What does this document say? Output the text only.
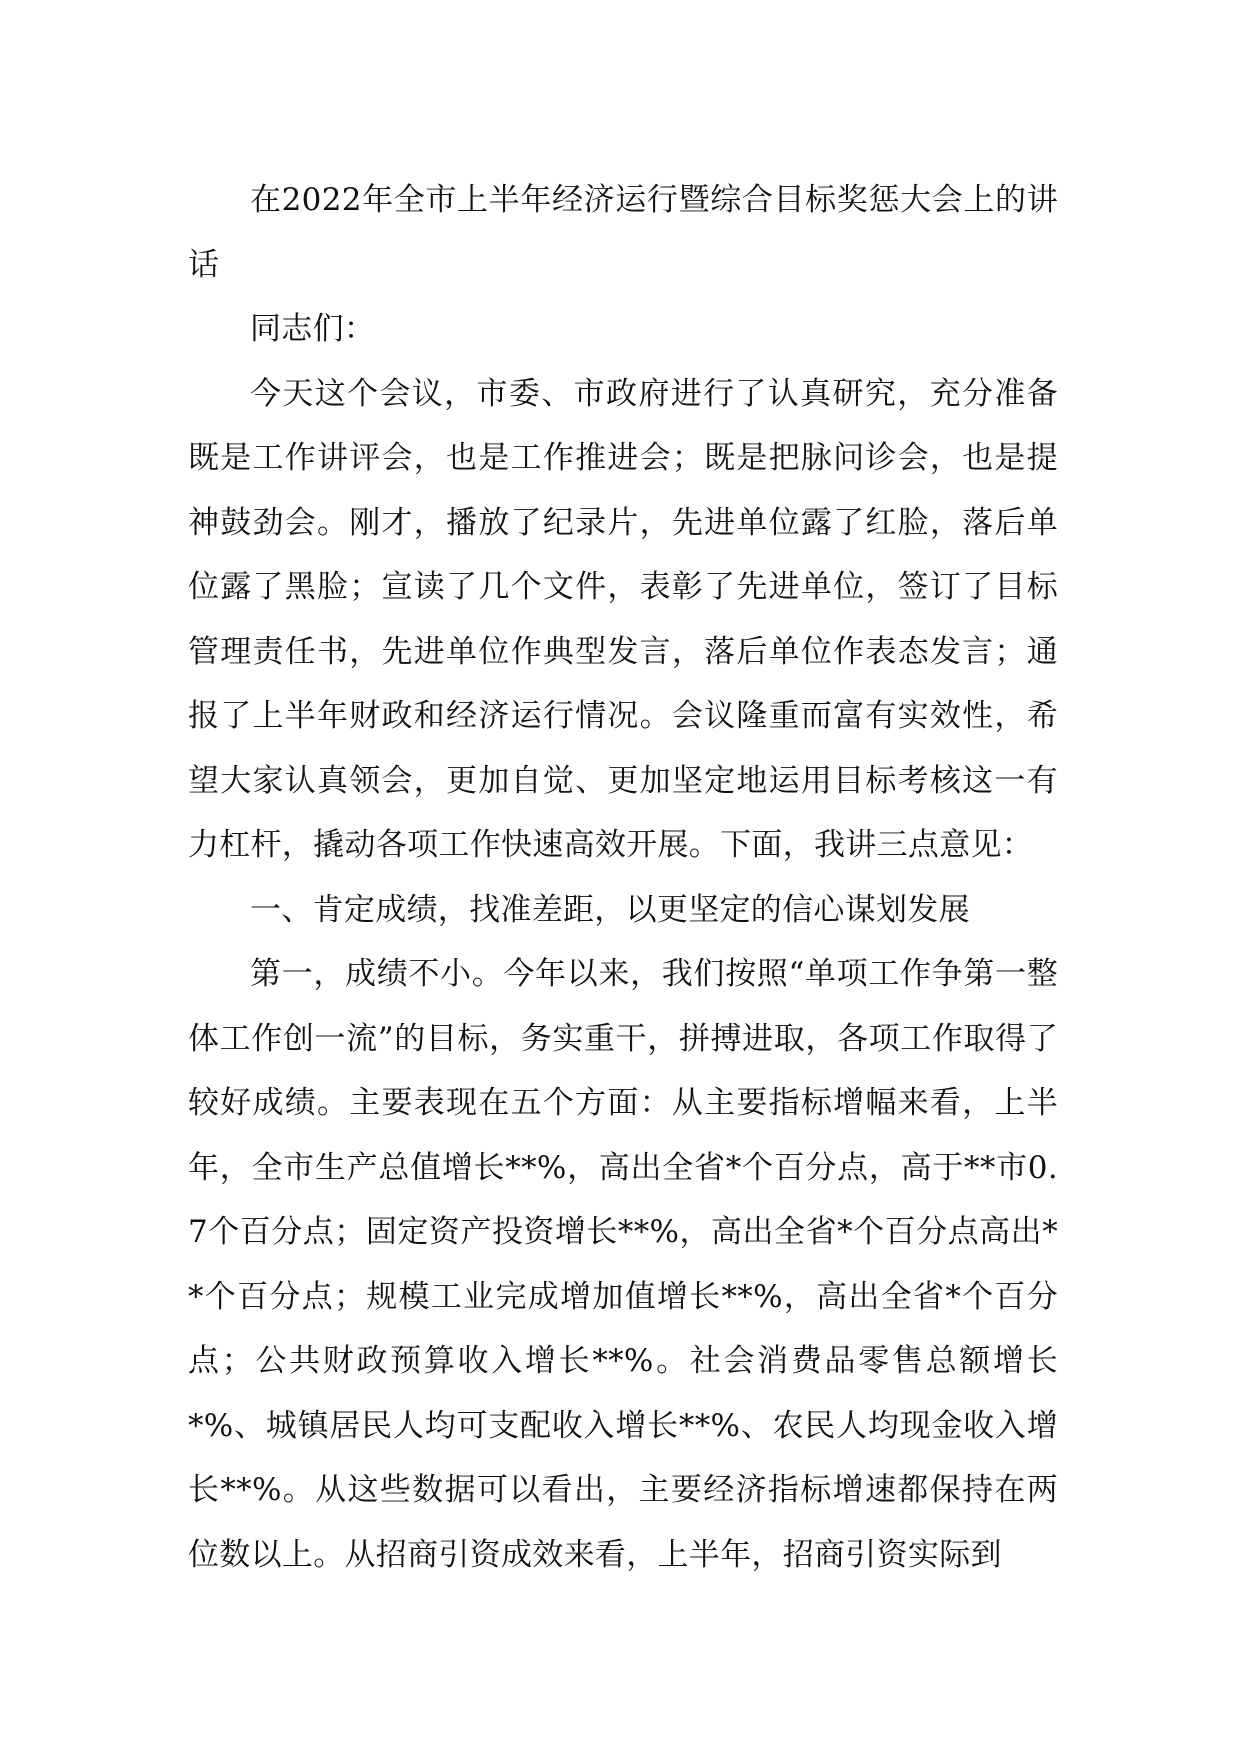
在2022年全市上半年经济运行暨综合目标奖惩大会上的讲话

同志们：

今天这个会议，市委、市政府进行了认真研究，充分准备既是工作讲评会，也是工作推进会；既是把脉问诊会，也是提神鼓劲会。刚才，播放了纪录片，先进单位露了红脸，落后单位露了黑脸；宣读了几个文件，表彰了先进单位，签订了目标管理责任书，先进单位作典型发言，落后单位作表态发言；通报了上半年财政和经济运行情况。会议隆重而富有实效性，希望大家认真领会，更加自觉、更加坚定地运用目标考核这一有力杠杆，撬动各项工作快速高效开展。下面，我讲三点意见：

一、肯定成绩，找准差距，以更坚定的信心谋划发展

第一，成绩不小。今年以来，我们按照“单项工作争第一整体工作创一流”的目标，务实重干，拼搏进取，各项工作取得了较好成绩。主要表现在五个方面：从主要指标增幅来看，上半年，全市生产总值增长**%，高出全省*个百分点，高于**市0.7个百分点；固定资产投资增长**%，高出全省*个百分点高出**个百分点；规模工业完成增加值增长**%，高出全省*个百分点；公共财政预算收入增长**%。社会消费品零售总额增长*%、城镇居民人均可支配收入增长**%、农民人均现金收入增长**%。从这些数据可以看出，主要经济指标增速都保持在两位数以上。从招商引资成效来看，上半年，招商引资实际到
